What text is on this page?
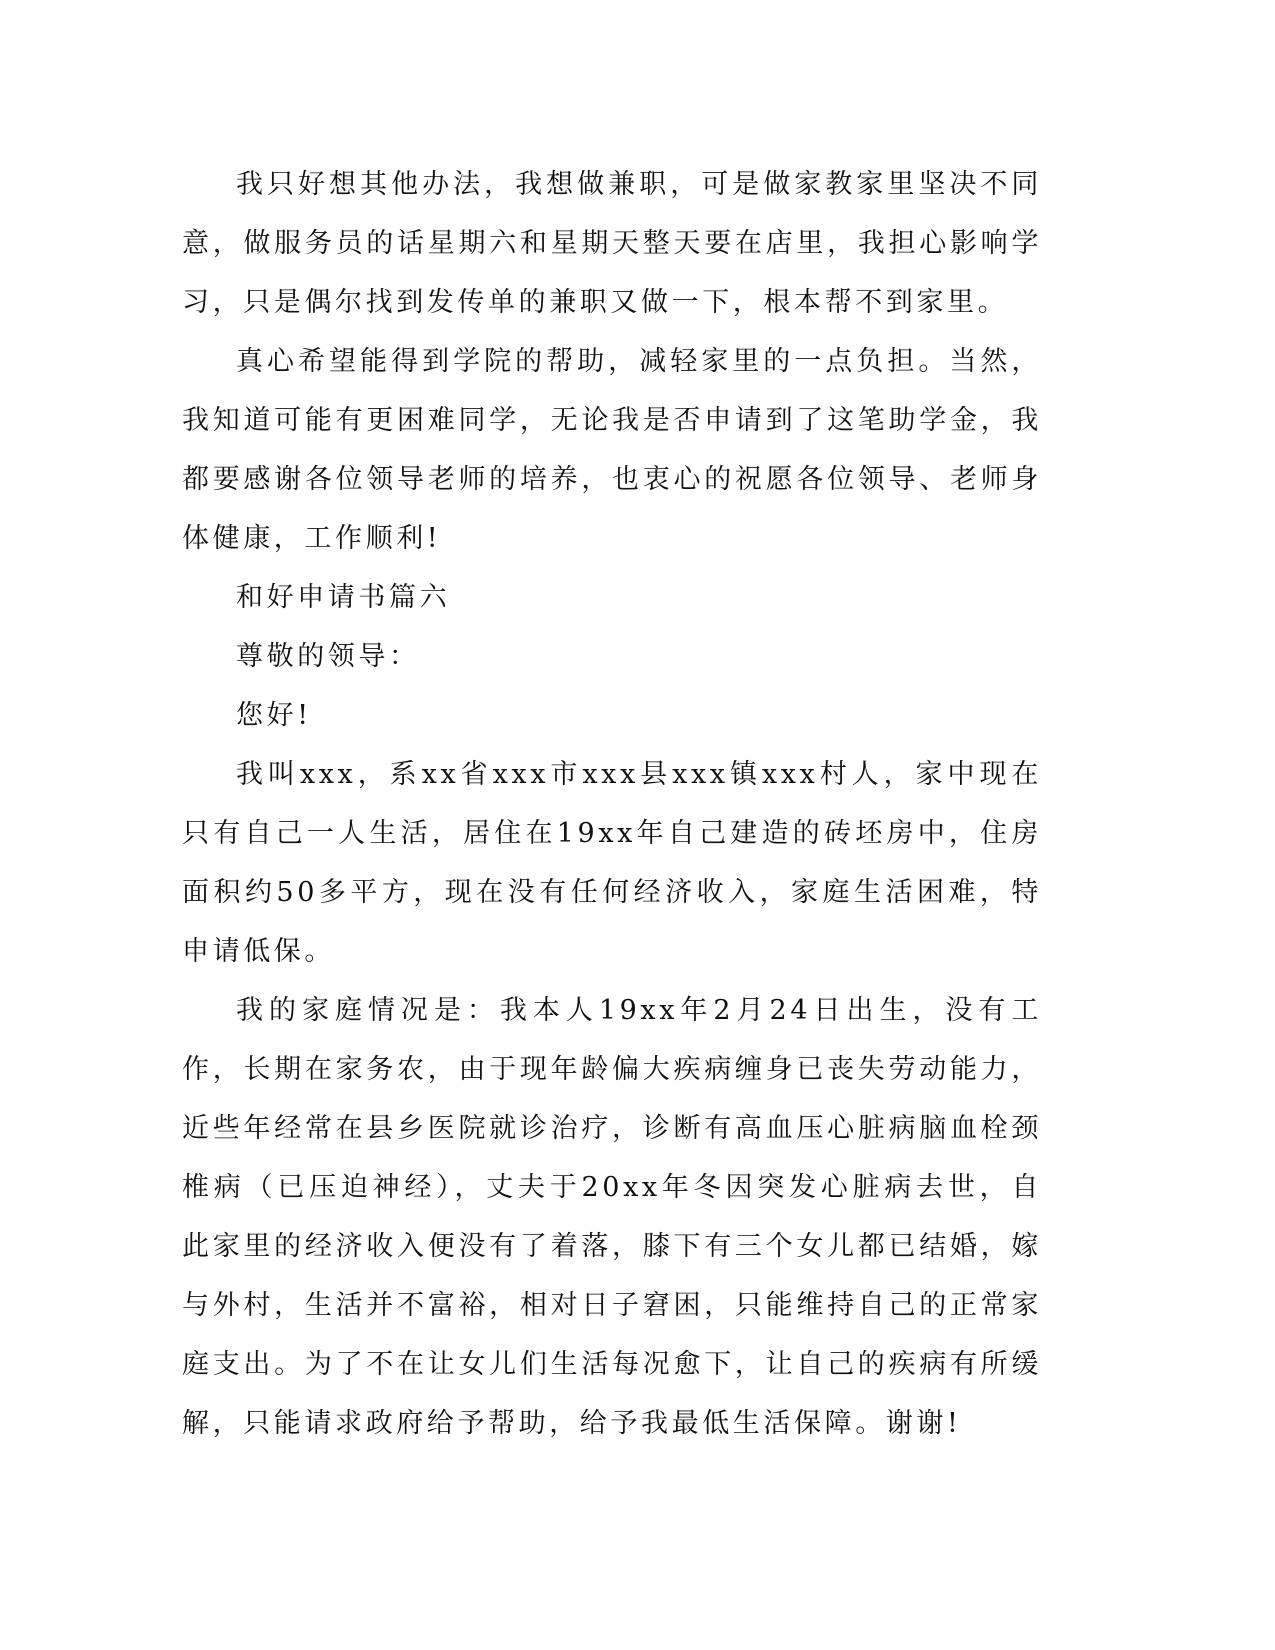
我只好想其他办法，我想做兼职，可是做家教家里坚决不同意，做服务员的话星期六和星期天整天要在店里，我担心影响学习，只是偶尔找到发传单的兼职又做一下，根本帮不到家里。

真心希望能得到学院的帮助，减轻家里的一点负担。当然，我知道可能有更困难同学，无论我是否申请到了这笔助学金，我都要感谢各位领导老师的培养，也衷心的祝愿各位领导、老师身体健康，工作顺利!

和好申请书篇六

尊敬的领导：

您好!

我叫xxx，系xx省xxx市xxx县xxx镇xxx村人，家中现在只有自己一人生活，居住在19xx年自己建造的砖坯房中，住房面积约50多平方，现在没有任何经济收入，家庭生活困难，特申请低保。

我的家庭情况是：我本人19xx年2月24日出生，没有工作，长期在家务农，由于现年龄偏大疾病缠身已丧失劳动能力，近些年经常在县乡医院就诊治疗，诊断有高血压心脏病脑血栓颈椎病（已压迫神经），丈夫于20xx年冬因突发心脏病去世，自此家里的经济收入便没有了着落，膝下有三个女儿都已结婚，嫁与外村，生活并不富裕，相对日子窘困，只能维持自己的正常家庭支出。为了不在让女儿们生活每况愈下，让自己的疾病有所缓解，只能请求政府给予帮助，给予我最低生活保障。谢谢!
